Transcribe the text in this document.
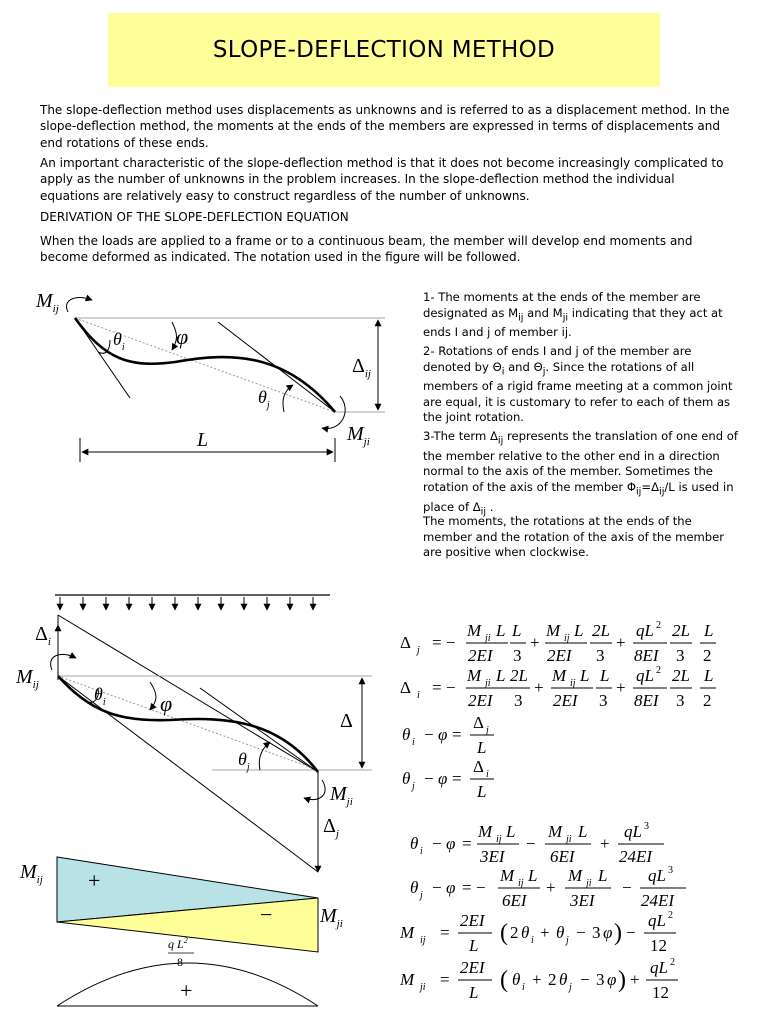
SLOPE-DEFLECTION METHOD

The slope-deflection method uses displacements as unknowns and is referred to as a displacement method. In the slope-deflection method, the moments at the ends of the members are expressed in terms of displacements and end rotations of these ends.

An important characteristic of the slope-deflection method is that it does not become increasingly complicated to apply as the number of unknowns in the problem increases. In the slope-deflection method the individual equations are relatively easy to construct regardless of the number of unknowns.

DERIVATION OF THE SLOPE-DEFLECTION EQUATION

When the loads are applied to a frame or to a continuous beam, the member will develop end moments and become deformed as indicated. The notation used in the figure will be followed.

1- The moments at the ends of the member are designated as $M_{ij}$ and $M_{ji}$ indicating that they act at ends I and j of member ij.

2- Rotations of ends I and j of the member are denoted by $\Theta_i$ and $\Theta_j$. Since the rotations of all members of a rigid frame meeting at a common joint are equal, it is customary to refer to each of them as the joint rotation.

3-The term $\Delta_{ij}$ represents the translation of one end of the member relative to the other end in a direction normal to the axis of the member. Sometimes the rotation of the axis of the member $\Phi_{ij}=\Delta_{ij}/L$ is used in place of $\Delta_{ij}$ .

The moments, the rotations at the ends of the member and the rotation of the axis of the member are positive when clockwise.

$M_{ij}$
$\theta_i$ φ
$\Delta_{ij}$
$\theta_j$
L	$M_{ji}$
$\Delta_i$
$M_{ij}$	$\theta_i$ φ
Δ
$\theta_j$
$M_{ji}$
$\Delta_j$
$M_{ij}$ +
− $M_{ji}$
q $L^2$
8
+
Δ j = −
M ji L
2EI
L
3
+
M ij L
2EI
2L
3
+
qL 2
8EI
2L
3
L
2
Δ i = −
M ji L
2EI
2L
3
+
M ij L
2EI
L
3
+
qL 2
8EI
2L
3
L
2
θ i − φ =
Δ j
L
θ j − φ =
Δ i
L
θ i − φ =
M ij L
3EI
−
M ji L
6EI
+
qL 3
24EI
θ j − φ = −
M ij L
6EI
+
M ji L
3EI
−
qL 3
24EI
M ij =
2EI
L ( 2 θ i + θ j − 3 φ ) −
qL 2
12
M ji =
2EI
L ( θ i + 2 θ j − 3 φ ) +
qL 2
12
